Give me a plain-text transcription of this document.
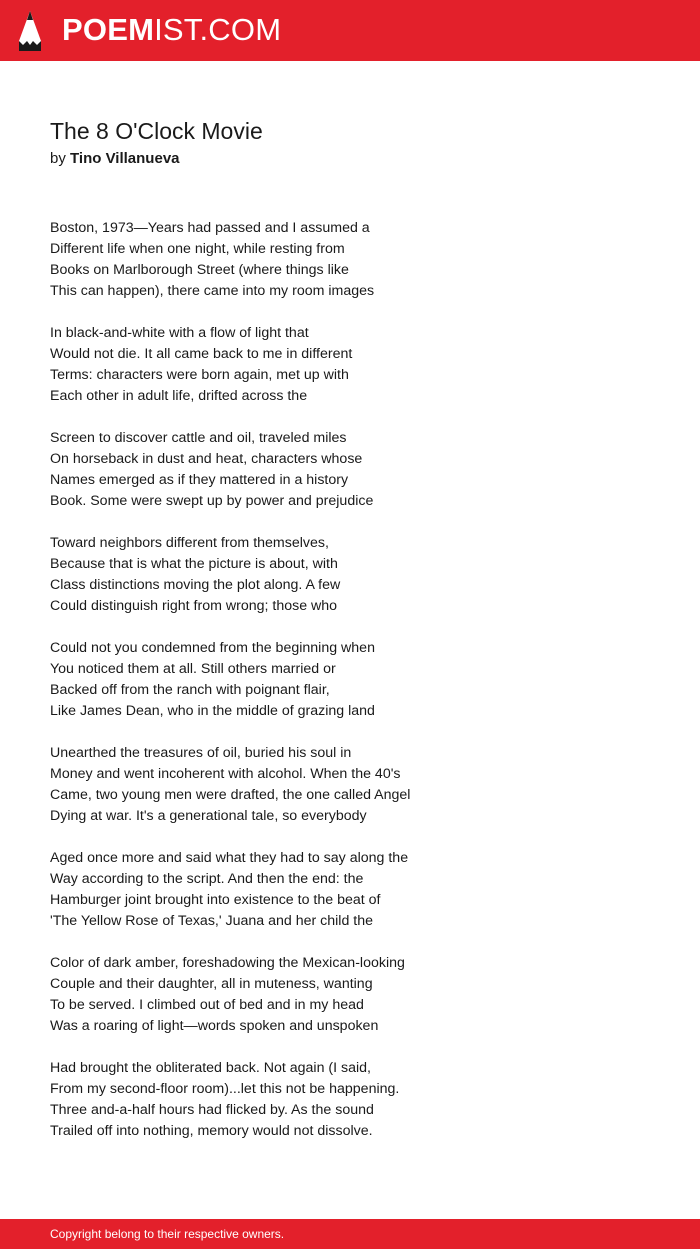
POEMIST.COM
The 8 O'Clock Movie
by Tino Villanueva
Boston, 1973—Years had passed and I assumed a
Different life when one night, while resting from
Books on Marlborough Street (where things like
This can happen), there came into my room images
In black-and-white with a flow of light that
Would not die. It all came back to me in different
Terms: characters were born again, met up with
Each other in adult life, drifted across the
Screen to discover cattle and oil, traveled miles
On horseback in dust and heat, characters whose
Names emerged as if they mattered in a history
Book. Some were swept up by power and prejudice
Toward neighbors different from themselves,
Because that is what the picture is about, with
Class distinctions moving the plot along. A few
Could distinguish right from wrong; those who
Could not you condemned from the beginning when
You noticed them at all. Still others married or
Backed off from the ranch with poignant flair,
Like James Dean, who in the middle of grazing land
Unearthed the treasures of oil, buried his soul in
Money and went incoherent with alcohol. When the 40's
Came, two young men were drafted, the one called Angel
Dying at war. It's a generational tale, so everybody
Aged once more and said what they had to say along the
Way according to the script. And then the end: the
Hamburger joint brought into existence to the beat of
'The Yellow Rose of Texas,' Juana and her child the
Color of dark amber, foreshadowing the Mexican-looking
Couple and their daughter, all in muteness, wanting
To be served. I climbed out of bed and in my head
Was a roaring of light—words spoken and unspoken
Had brought the obliterated back. Not again (I said,
From my second-floor room)...let this not be happening.
Three and-a-half hours had flicked by. As the sound
Trailed off into nothing, memory would not dissolve.
Copyright belong to their respective owners.
